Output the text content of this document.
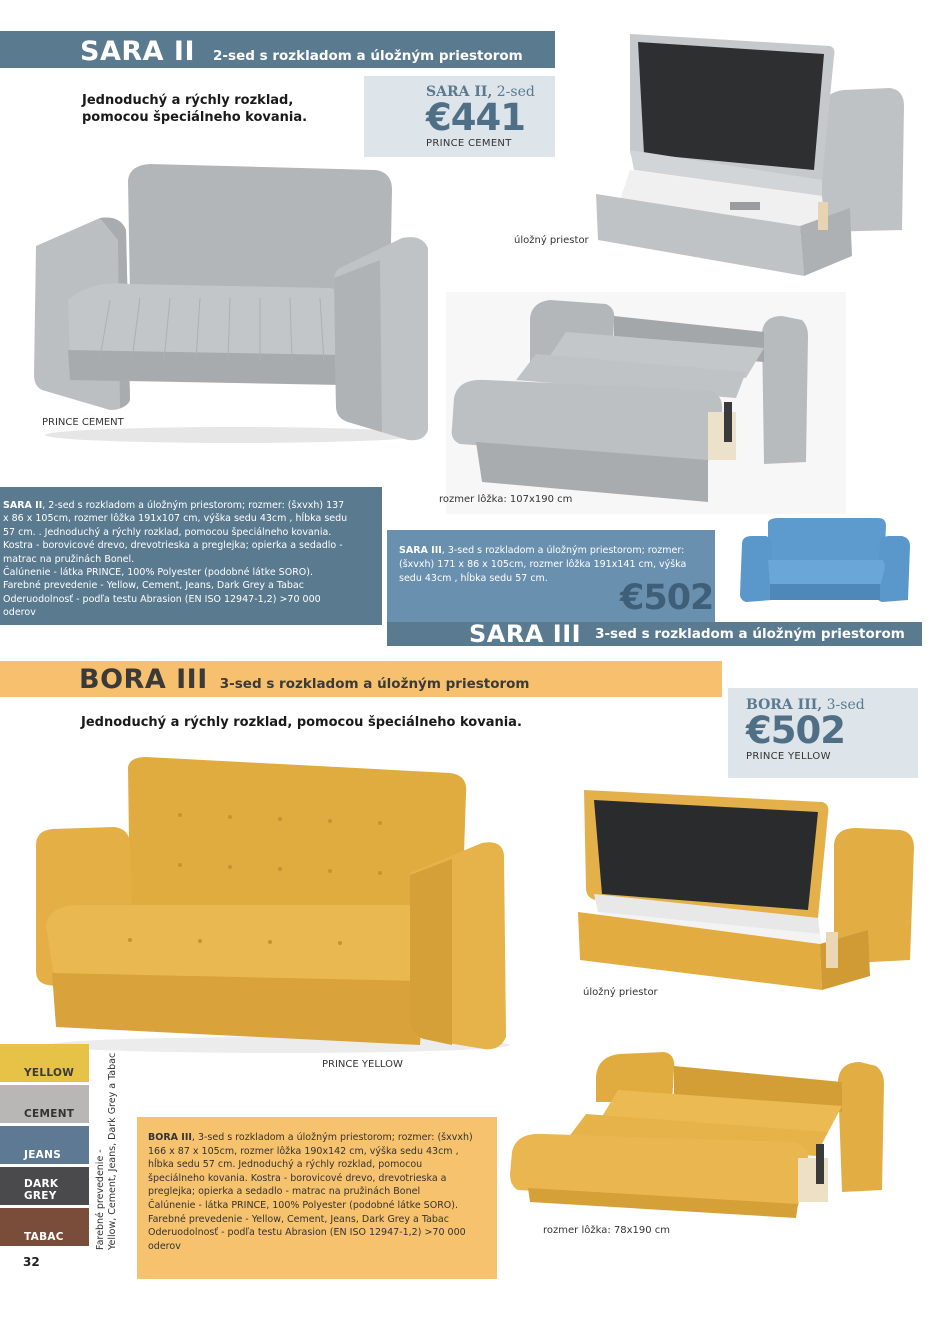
SARA II 2-sed s rozkladom a úložným priestorom
Jednoduchý a rýchly rozklad,
pomocou špeciálneho kovania.
SARA II, 2-sed
€441
PRINCE CEMENT
PRINCE CEMENT
úložný priestor
rozmer lôžka: 107x190 cm
SARA II, 2-sed s rozkladom a úložným priestorom; rozmer: (šxvxh) 137 x 86 x 105cm, rozmer lôžka 191x107 cm, výška sedu 43cm , hĺbka sedu 57 cm. . Jednoduchý a rýchly rozklad, pomocou špeciálneho kovania. Kostra - borovicové drevo, drevotrieska a preglejka; opierka a sedadlo - matrac na pružinách Bonel.
Čalúnenie - látka PRINCE, 100% Polyester (podobné látke SORO).
Farebné prevedenie - Yellow, Cement, Jeans, Dark Grey a Tabac
Oderuodolnosť - podľa testu Abrasion (EN ISO 12947-1,2) >70 000 oderov
SARA III, 3-sed s rozkladom a úložným priestorom; rozmer: (šxvxh) 171 x 86 x 105cm, rozmer lôžka 191x141 cm, výška sedu 43cm , hĺbka sedu 57 cm.	€502
SARA III 3-sed s rozkladom a úložným priestorom
BORA III 3-sed s rozkladom a úložným priestorom
Jednoduchý a rýchly rozklad, pomocou špeciálneho kovania.
BORA III, 3-sed
€502
PRINCE YELLOW
PRINCE YELLOW
úložný priestor
rozmer lôžka: 78x190 cm
YELLOW
CEMENT
JEANS
DARK GREY
TABAC	Farebné prevedenie - Yellow, Cement, Jeans, Dark Grey a Tabac
32
BORA III, 3-sed s rozkladom a úložným priestorom; rozmer: (šxvxh) 166 x 87 x 105cm, rozmer lôžka 190x142 cm, výška sedu 43cm , hĺbka sedu 57 cm. Jednoduchý a rýchly rozklad, pomocou špeciálneho kovania. Kostra - borovicové drevo, drevotrieska a preglejka; opierka a sedadlo - matrac na pružinách Bonel
Čalúnenie - látka PRINCE, 100% Polyester (podobné látke SORO).
Farebné prevedenie - Yellow, Cement, Jeans, Dark Grey a Tabac
Oderuodolnosť - podľa testu Abrasion (EN ISO 12947-1,2) >70 000 oderov
